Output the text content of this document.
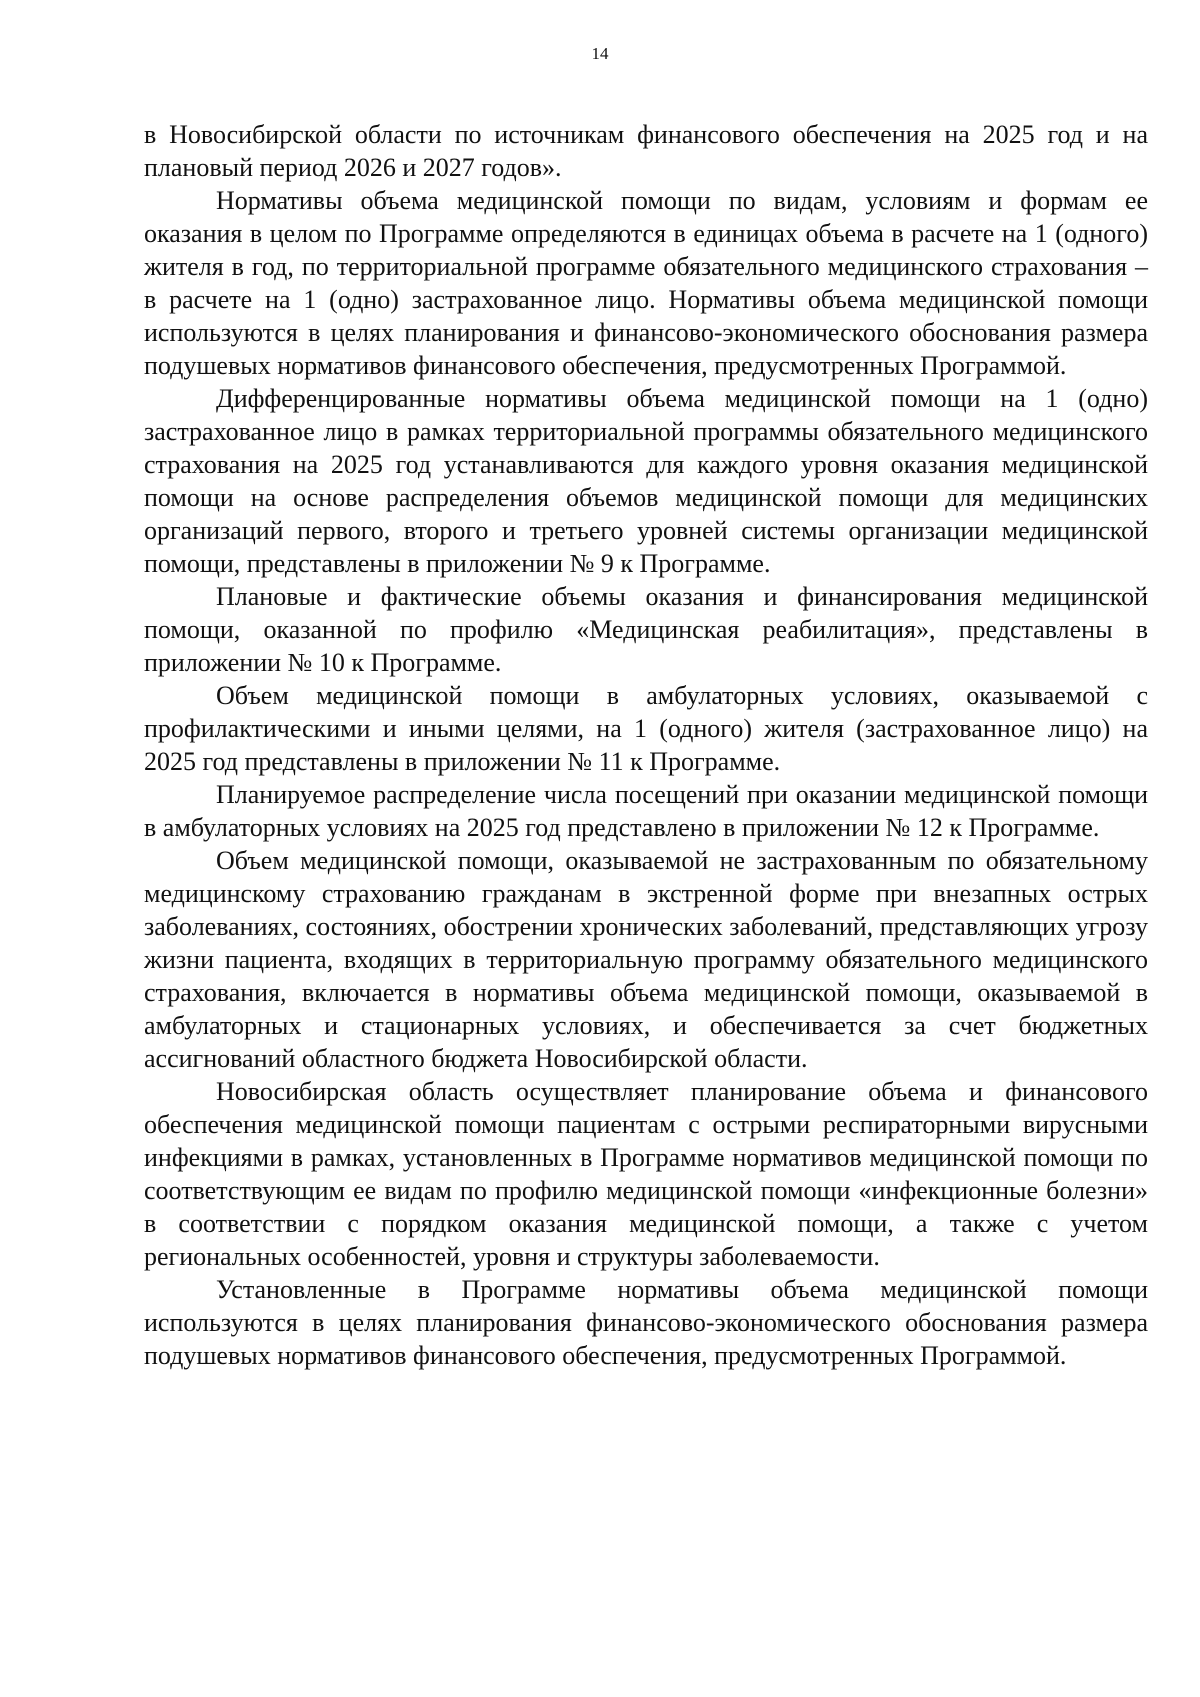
14

в Новосибирской области по источникам финансового обеспечения на 2025 год и на плановый период 2026 и 2027 годов».

Нормативы объема медицинской помощи по видам, условиям и формам ее оказания в целом по Программе определяются в единицах объема в расчете на 1 (одного) жителя в год, по территориальной программе обязательного медицинского страхования – в расчете на 1 (одно) застрахованное лицо. Нормативы объема медицинской помощи используются в целях планирования и финансово-экономического обоснования размера подушевых нормативов финансового обеспечения, предусмотренных Программой.

Дифференцированные нормативы объема медицинской помощи на 1 (одно) застрахованное лицо в рамках территориальной программы обязательного медицинского страхования на 2025 год устанавливаются для каждого уровня оказания медицинской помощи на основе распределения объемов медицинской помощи для медицинских организаций первого, второго и третьего уровней системы организации медицинской помощи, представлены в приложении № 9 к Программе.

Плановые и фактические объемы оказания и финансирования медицинской помощи, оказанной по профилю «Медицинская реабилитация», представлены в приложении № 10 к Программе.

Объем медицинской помощи в амбулаторных условиях, оказываемой с профилактическими и иными целями, на 1 (одного) жителя (застрахованное лицо) на 2025 год представлены в приложении № 11 к Программе.

Планируемое распределение числа посещений при оказании медицинской помощи в амбулаторных условиях на 2025 год представлено в приложении № 12 к Программе.

Объем медицинской помощи, оказываемой не застрахованным по обязательному медицинскому страхованию гражданам в экстренной форме при внезапных острых заболеваниях, состояниях, обострении хронических заболеваний, представляющих угрозу жизни пациента, входящих в территориальную программу обязательного медицинского страхования, включается в нормативы объема медицинской помощи, оказываемой в амбулаторных и стационарных условиях, и обеспечивается за счет бюджетных ассигнований областного бюджета Новосибирской области.

Новосибирская область осуществляет планирование объема и финансового обеспечения медицинской помощи пациентам с острыми респираторными вирусными инфекциями в рамках, установленных в Программе нормативов медицинской помощи по соответствующим ее видам по профилю медицинской помощи «инфекционные болезни» в соответствии с порядком оказания медицинской помощи, а также с учетом региональных особенностей, уровня и структуры заболеваемости.

Установленные в Программе нормативы объема медицинской помощи используются в целях планирования финансово-экономического обоснования размера подушевых нормативов финансового обеспечения, предусмотренных Программой.
